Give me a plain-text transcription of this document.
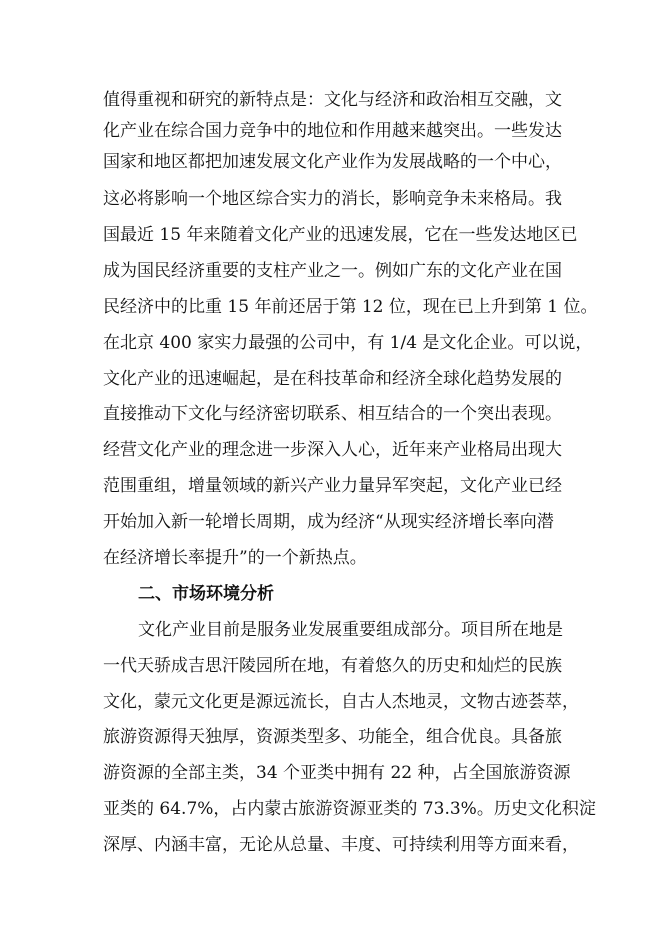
值得重视和研究的新特点是：文化与经济和政治相互交融，文
化产业在综合国力竞争中的地位和作用越来越突出。一些发达
国家和地区都把加速发展文化产业作为发展战略的一个中心，
这必将影响一个地区综合实力的消长，影响竞争未来格局。我
国最近 15 年来随着文化产业的迅速发展，它在一些发达地区已
成为国民经济重要的支柱产业之一。例如广东的文化产业在国
民经济中的比重 15 年前还居于第 12 位，现在已上升到第 1 位。
在北京 400 家实力最强的公司中，有 1/4 是文化企业。可以说，
文化产业的迅速崛起，是在科技革命和经济全球化趋势发展的
直接推动下文化与经济密切联系、相互结合的一个突出表现。
经营文化产业的理念进一步深入人心，近年来产业格局出现大
范围重组，增量领域的新兴产业力量异军突起，文化产业已经
开始加入新一轮增长周期，成为经济“从现实经济增长率向潜
在经济增长率提升”的一个新热点。
二、市场环境分析
文化产业目前是服务业发展重要组成部分。项目所在地是
一代天骄成吉思汗陵园所在地，有着悠久的历史和灿烂的民族
文化，蒙元文化更是源远流长，自古人杰地灵，文物古迹荟萃，
旅游资源得天独厚，资源类型多、功能全，组合优良。具备旅
游资源的全部主类，34 个亚类中拥有 22 种，占全国旅游资源
亚类的 64.7%，占内蒙古旅游资源亚类的 73.3%。历史文化积淀
深厚、内涵丰富，无论从总量、丰度、可持续利用等方面来看，
